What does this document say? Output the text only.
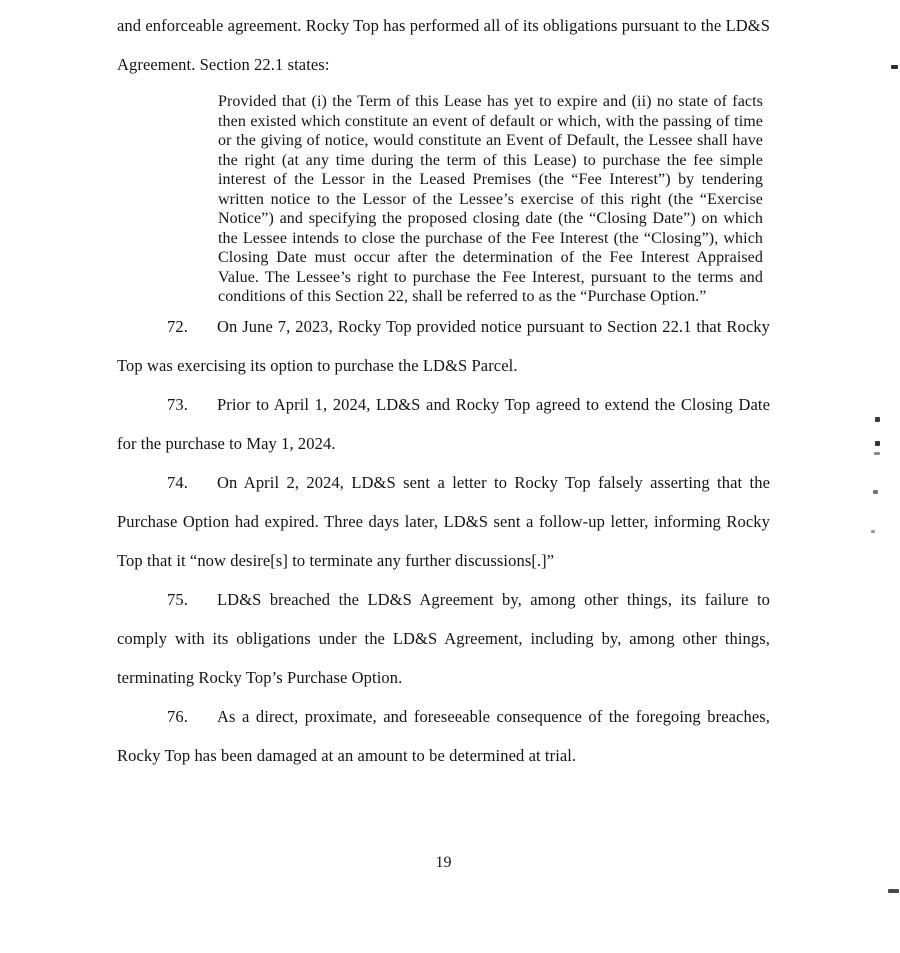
and enforceable agreement. Rocky Top has performed all of its obligations pursuant to the LD&S Agreement. Section 22.1 states:

Provided that (i) the Term of this Lease has yet to expire and (ii) no state of facts then existed which constitute an event of default or which, with the passing of time or the giving of notice, would constitute an Event of Default, the Lessee shall have the right (at any time during the term of this Lease) to purchase the fee simple interest of the Lessor in the Leased Premises (the “Fee Interest”) by tendering written notice to the Lessor of the Lessee’s exercise of this right (the “Exercise Notice”) and specifying the proposed closing date (the “Closing Date”) on which the Lessee intends to close the purchase of the Fee Interest (the “Closing”), which Closing Date must occur after the determination of the Fee Interest Appraised Value. The Lessee’s right to purchase the Fee Interest, pursuant to the terms and conditions of this Section 22, shall be referred to as the “Purchase Option.”

72. On June 7, 2023, Rocky Top provided notice pursuant to Section 22.1 that Rocky Top was exercising its option to purchase the LD&S Parcel.

73. Prior to April 1, 2024, LD&S and Rocky Top agreed to extend the Closing Date for the purchase to May 1, 2024.

74. On April 2, 2024, LD&S sent a letter to Rocky Top falsely asserting that the Purchase Option had expired. Three days later, LD&S sent a follow-up letter, informing Rocky Top that it “now desire[s] to terminate any further discussions[.]”

75. LD&S breached the LD&S Agreement by, among other things, its failure to comply with its obligations under the LD&S Agreement, including by, among other things, terminating Rocky Top’s Purchase Option.

76. As a direct, proximate, and foreseeable consequence of the foregoing breaches, Rocky Top has been damaged at an amount to be determined at trial.

19
